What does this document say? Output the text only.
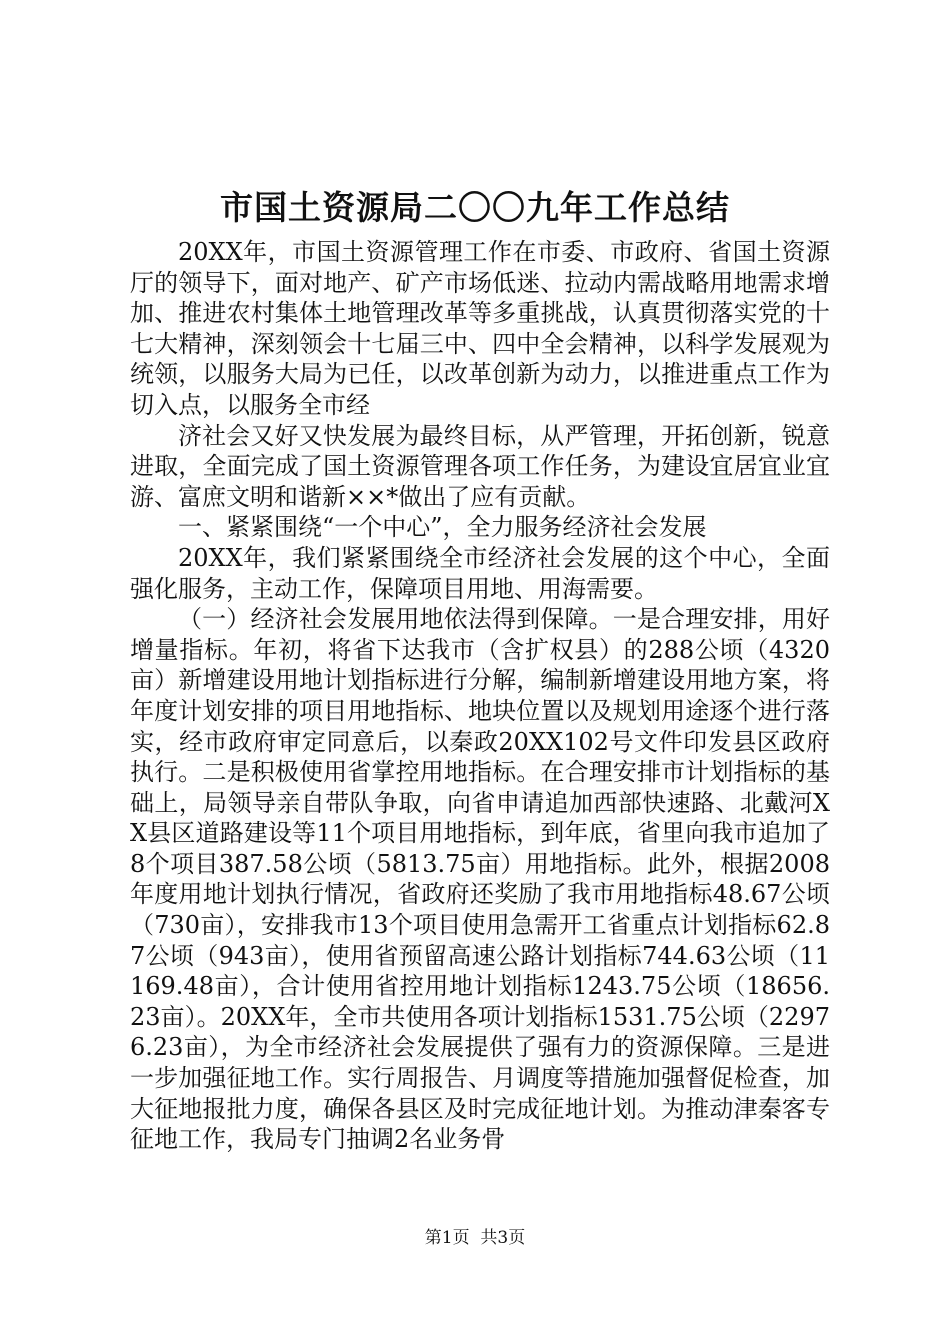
市国土资源局二〇〇九年工作总结

20XX年，市国土资源管理工作在市委、市政府、省国土资源厅的领导下，面对地产、矿产市场低迷、拉动内需战略用地需求增加、推进农村集体土地管理改革等多重挑战，认真贯彻落实党的十七大精神，深刻领会十七届三中、四中全会精神，以科学发展观为统领，以服务大局为已任，以改革创新为动力，以推进重点工作为切入点，以服务全市经

济社会又好又快发展为最终目标，从严管理，开拓创新，锐意进取，全面完成了国土资源管理各项工作任务，为建设宜居宜业宜游、富庶文明和谐新××*做出了应有贡献。

一、紧紧围绕“一个中心”，全力服务经济社会发展

20XX年，我们紧紧围绕全市经济社会发展的这个中心，全面强化服务，主动工作，保障项目用地、用海需要。

（一）经济社会发展用地依法得到保障。一是合理安排，用好增量指标。年初，将省下达我市（含扩权县）的288公顷（4320亩）新增建设用地计划指标进行分解，编制新增建设用地方案，将年度计划安排的项目用地指标、地块位置以及规划用途逐个进行落实，经市政府审定同意后，以秦政20XX102号文件印发县区政府执行。二是积极使用省掌控用地指标。在合理安排市计划指标的基础上，局领导亲自带队争取，向省申请追加西部快速路、北戴河XX县区道路建设等11个项目用地指标，到年底，省里向我市追加了8个项目387.58公顷（5813.75亩）用地指标。此外，根据2008年度用地计划执行情况，省政府还奖励了我市用地指标48.67公顷（730亩），安排我市13个项目使用急需开工省重点计划指标62.87公顷（943亩），使用省预留高速公路计划指标744.63公顷（11169.48亩），合计使用省控用地计划指标1243.75公顷（18656.23亩）。20XX年，全市共使用各项计划指标1531.75公顷（22976.23亩），为全市经济社会发展提供了强有力的资源保障。三是进一步加强征地工作。实行周报告、月调度等措施加强督促检查，加大征地报批力度，确保各县区及时完成征地计划。为推动津秦客专征地工作，我局专门抽调2名业务骨

第1页  共3页
